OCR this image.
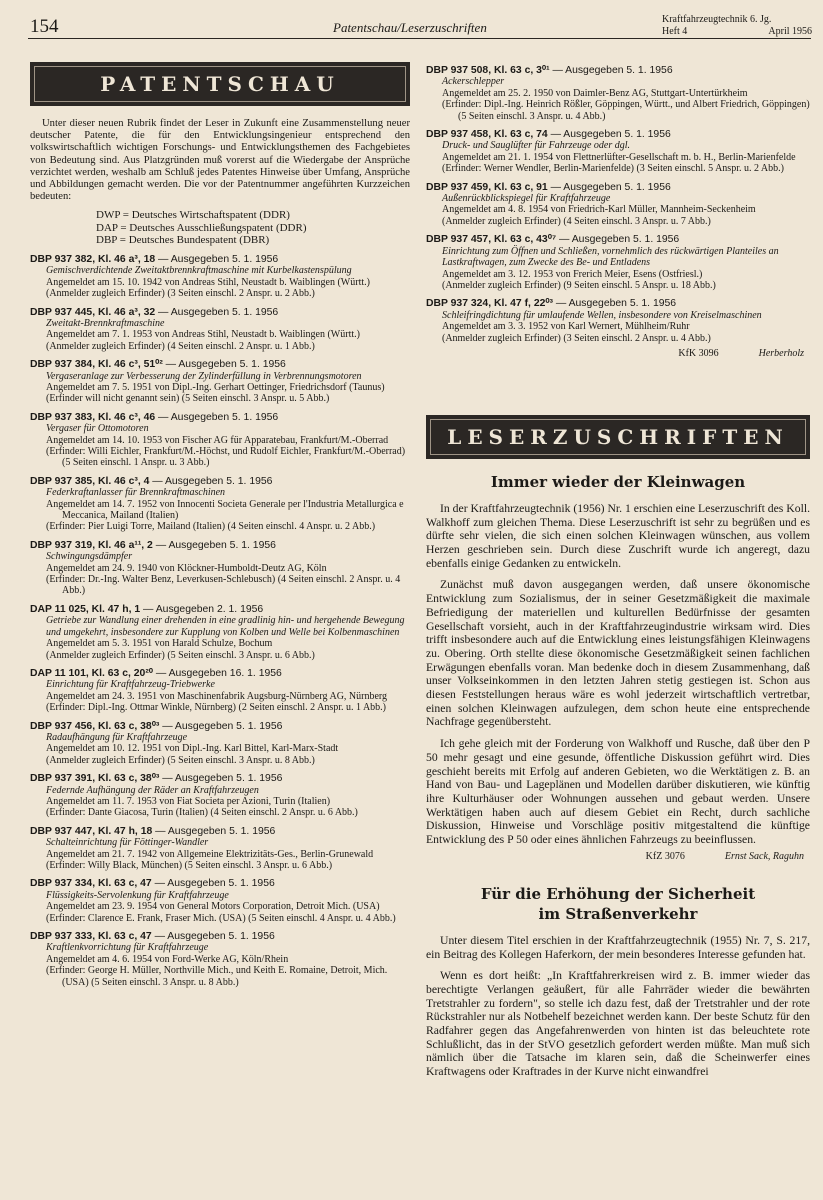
154	Patentschau/Leserzuschriften
Kraftfahrzeugtechnik 6. Jg.
Heft 4	April 1956
PATENTSCHAU
Unter dieser neuen Rubrik findet der Leser in Zukunft eine Zusammenstellung neuer deutscher Patente, die für den Entwicklungsingenieur entsprechend den volkswirtschaftlich wichtigen Forschungs- und Entwicklungsthemen des Fachgebietes von Bedeutung sind. Aus Platzgründen muß vorerst auf die Wiedergabe der Ansprüche verzichtet werden, weshalb am Schluß jedes Patentes Hinweise über Umfang, Ansprüche und Abbildungen gemacht werden. Die vor der Patentnummer angeführten Kurzzeichen bedeuten:
DWP = Deutsches Wirtschaftspatent (DDR)
DAP = Deutsches Ausschließungspatent (DDR)
DBP = Deutsches Bundespatent (DBR)
DBP 937 382, Kl. 46 a³, 18 — Ausgegeben 5. 1. 1956
Gemischverdichtende Zweitaktbrennkraftmaschine mit Kurbelkastenspülung
Angemeldet am 15. 10. 1942 von Andreas Stihl, Neustadt b. Waiblingen (Württ.)
(Anmelder zugleich Erfinder) (3 Seiten einschl. 2 Anspr. u. 2 Abb.)
DBP 937 445, Kl. 46 a³, 32 — Ausgegeben 5. 1. 1956
Zweitakt-Brennkraftmaschine
Angemeldet am 7. 1. 1953 von Andreas Stihl, Neustadt b. Waiblingen (Württ.)
(Anmelder zugleich Erfinder) (4 Seiten einschl. 2 Anspr. u. 1 Abb.)
DBP 937 384, Kl. 46 c³, 51⁰² — Ausgegeben 5. 1. 1956
Vergaseranlage zur Verbesserung der Zylinderfüllung in Verbrennungsmotoren
Angemeldet am 7. 5. 1951 von Dipl.-Ing. Gerhart Oettinger, Friedrichsdorf (Taunus)
(Erfinder will nicht genannt sein) (5 Seiten einschl. 3 Anspr. u. 5 Abb.)
DBP 937 383, Kl. 46 c³, 46 — Ausgegeben 5. 1. 1956
Vergaser für Ottomotoren
Angemeldet am 14. 10. 1953 von Fischer AG für Apparatebau, Frankfurt/M.-Oberrad
(Erfinder: Willi Eichler, Frankfurt/M.-Höchst, und Rudolf Eichler, Frankfurt/M.-Oberrad) (5 Seiten einschl. 1 Anspr. u. 3 Abb.)
DBP 937 385, Kl. 46 c³, 4 — Ausgegeben 5. 1. 1956
Federkraftanlasser für Brennkraftmaschinen
Angemeldet am 14. 7. 1952 von Innocenti Societa Generale per l'Industria Metallurgica e Meccanica, Mailand (Italien)
(Erfinder: Pier Luigi Torre, Mailand (Italien) (4 Seiten einschl. 4 Anspr. u. 2 Abb.)
DBP 937 319, Kl. 46 a¹¹, 2 — Ausgegeben 5. 1. 1956
Schwingungsdämpfer
Angemeldet am 24. 9. 1940 von Klöckner-Humboldt-Deutz AG, Köln
(Erfinder: Dr.-Ing. Walter Benz, Leverkusen-Schlebusch) (4 Seiten einschl. 2 Anspr. u. 4 Abb.)
DAP 11 025, Kl. 47 h, 1 — Ausgegeben 2. 1. 1956
Getriebe zur Wandlung einer drehenden in eine gradlinig hin- und hergehende Bewegung und umgekehrt, insbesondere zur Kupplung von Kolben und Welle bei Kolbenmaschinen
Angemeldet am 5. 3. 1951 von Harald Schulze, Bochum
(Anmelder zugleich Erfinder) (5 Seiten einschl. 3 Anspr. u. 6 Abb.)
DAP 11 101, Kl. 63 c, 20²⁰ — Ausgegeben 16. 1. 1956
Einrichtung für Kraftfahrzeug-Triebwerke
Angemeldet am 24. 3. 1951 von Maschinenfabrik Augsburg-Nürnberg AG, Nürnberg
(Erfinder: Dipl.-Ing. Ottmar Winkle, Nürnberg) (2 Seiten einschl. 2 Anspr. u. 1 Abb.)
DBP 937 456, Kl. 63 c, 38⁰³ — Ausgegeben 5. 1. 1956
Radaufhängung für Kraftfahrzeuge
Angemeldet am 10. 12. 1951 von Dipl.-Ing. Karl Bittel, Karl-Marx-Stadt
(Anmelder zugleich Erfinder) (5 Seiten einschl. 3 Anspr. u. 8 Abb.)
DBP 937 391, Kl. 63 c, 38⁰³ — Ausgegeben 5. 1. 1956
Federnde Aufhängung der Räder an Kraftfahrzeugen
Angemeldet am 11. 7. 1953 von Fiat Societa per Azioni, Turin (Italien)
(Erfinder: Dante Giacosa, Turin (Italien) (4 Seiten einschl. 2 Anspr. u. 6 Abb.)
DBP 937 447, Kl. 47 h, 18 — Ausgegeben 5. 1. 1956
Schalteinrichtung für Föttinger-Wandler
Angemeldet am 21. 7. 1942 von Allgemeine Elektrizitäts-Ges., Berlin-Grunewald
(Erfinder: Willy Black, München) (5 Seiten einschl. 3 Anspr. u. 6 Abb.)
DBP 937 334, Kl. 63 c, 47 — Ausgegeben 5. 1. 1956
Flüssigkeits-Servolenkung für Kraftfahrzeuge
Angemeldet am 23. 9. 1954 von General Motors Corporation, Detroit Mich. (USA)
(Erfinder: Clarence E. Frank, Fraser Mich. (USA) (5 Seiten einschl. 4 Anspr. u. 4 Abb.)
DBP 937 333, Kl. 63 c, 47 — Ausgegeben 5. 1. 1956
Kraftlenkvorrichtung für Kraftfahrzeuge
Angemeldet am 4. 6. 1954 von Ford-Werke AG, Köln/Rhein
(Erfinder: George H. Müller, Northville Mich., und Keith E. Romaine, Detroit, Mich. (USA) (5 Seiten einschl. 3 Anspr. u. 8 Abb.)
DBP 937 508, Kl. 63 c, 3⁰¹ — Ausgegeben 5. 1. 1956
Ackerschlepper
Angemeldet am 25. 2. 1950 von Daimler-Benz AG, Stuttgart-Untertürkheim
(Erfinder: Dipl.-Ing. Heinrich Rößler, Göppingen, Württ., und Albert Friedrich, Göppingen) (5 Seiten einschl. 3 Anspr. u. 4 Abb.)
DBP 937 458, Kl. 63 c, 74 — Ausgegeben 5. 1. 1956
Druck- und Sauglüfter für Fahrzeuge oder dgl.
Angemeldet am 21. 1. 1954 von Flettnerlüfter-Gesellschaft m. b. H., Berlin-Marienfelde
(Erfinder: Werner Wendler, Berlin-Marienfelde) (3 Seiten einschl. 5 Anspr. u. 2 Abb.)
DBP 937 459, Kl. 63 c, 91 — Ausgegeben 5. 1. 1956
Außenrückblickspiegel für Kraftfahrzeuge
Angemeldet am 4. 8. 1954 von Friedrich-Karl Müller, Mannheim-Seckenheim
(Anmelder zugleich Erfinder) (4 Seiten einschl. 3 Anspr. u. 7 Abb.)
DBP 937 457, Kl. 63 c, 43⁰⁷ — Ausgegeben 5. 1. 1956
Einrichtung zum Öffnen und Schließen, vornehmlich des rückwärtigen Planteiles an Lastkraftwagen, zum Zwecke des Be- und Entladens
Angemeldet am 3. 12. 1953 von Frerich Meier, Esens (Ostfriesl.)
(Anmelder zugleich Erfinder) (9 Seiten einschl. 5 Anspr. u. 18 Abb.)
DBP 937 324, Kl. 47 f, 22⁰³ — Ausgegeben 5. 1. 1956
Schleifringdichtung für umlaufende Wellen, insbesondere von Kreiselmaschinen
Angemeldet am 3. 3. 1952 von Karl Wernert, Mühlheim/Ruhr
(Anmelder zugleich Erfinder) (3 Seiten einschl. 2 Anspr. u. 4 Abb.)
KfK 3096	Herberholz
LESERZUSCHRIFTEN
Immer wieder der Kleinwagen
In der Kraftfahrzeugtechnik (1956) Nr. 1 erschien eine Leserzuschrift des Koll. Walkhoff zum gleichen Thema. Diese Leserzuschrift ist sehr zu begrüßen und es dürfte sehr vielen, die sich einen solchen Kleinwagen wünschen, aus vollem Herzen geschrieben sein. Durch diese Zuschrift wurde ich angeregt, dazu ebenfalls einige Gedanken zu entwickeln.
Zunächst muß davon ausgegangen werden, daß unsere ökonomische Entwicklung zum Sozialismus, der in seiner Gesetzmäßigkeit die maximale Befriedigung der materiellen und kulturellen Bedürfnisse der gesamten Gesellschaft vorsieht, auch in der Kraftfahrzeugindustrie wirksam wird. Dies trifft insbesondere auch auf die Entwicklung eines leistungsfähigen Kleinwagens zu. Obering. Orth stellte diese ökonomische Gesetzmäßigkeit seinen fachlichen Erwägungen ebenfalls voran. Man bedenke doch in diesem Zusammenhang, daß unser Volkseinkommen in den letzten Jahren stetig gestiegen ist. Schon aus diesen Feststellungen heraus wäre es wohl jederzeit wirtschaftlich vertretbar, einen solchen Kleinwagen aufzulegen, dem schon heute eine entsprechende Nachfrage gegenübersteht.
Ich gehe gleich mit der Forderung von Walkhoff und Rusche, daß über den P 50 mehr gesagt und eine gesunde, öffentliche Diskussion geführt wird. Dies geschieht bereits mit Erfolg auf anderen Gebieten, wo die Werktätigen z. B. an Hand von Bau- und Lageplänen und Modellen darüber diskutieren, wie künftig ihre Kulturhäuser oder Wohnungen aussehen und gebaut werden. Unsere Werktätigen haben auch auf diesem Gebiet ein Recht, durch sachliche Diskussion, Hinweise und Vorschläge positiv mitgestaltend die künftige Entwicklung des P 50 oder eines ähnlichen Fahrzeugs zu beeinflussen.
KfZ 3076	Ernst Sack, Raguhn
Für die Erhöhung der Sicherheit
im Straßenverkehr
Unter diesem Titel erschien in der Kraftfahrzeugtechnik (1955) Nr. 7, S. 217, ein Beitrag des Kollegen Haferkorn, der mein besonderes Interesse gefunden hat.
Wenn es dort heißt: „In Kraftfahrerkreisen wird z. B. immer wieder das berechtigte Verlangen geäußert, für alle Fahrräder wieder die bewährten Tretstrahler zu fordern", so stelle ich dazu fest, daß der Tretstrahler und der rote Rückstrahler nur als Notbehelf bezeichnet werden kann. Der beste Schutz für den Radfahrer gegen das Angefahrenwerden von hinten ist das beleuchtete rote Schlußlicht, das in der StVO gesetzlich gefordert werden müßte. Man muß sich nämlich über die Tatsache im klaren sein, daß die Scheinwerfer eines Kraftwagens oder Kraftrades in der Kurve nicht einwandfrei
